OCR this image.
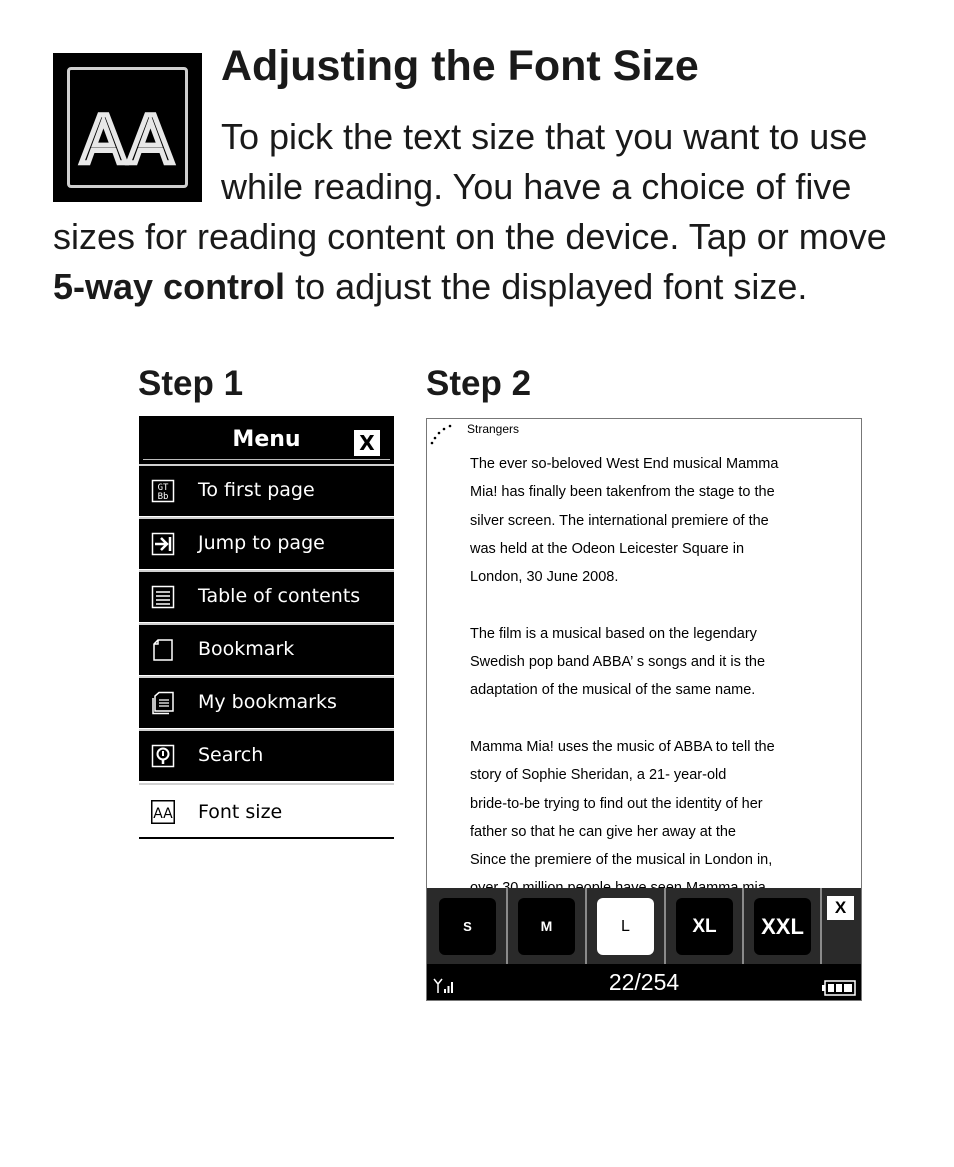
AA
Adjusting the Font Size
To pick the text size that you want to use
while reading. You have a choice of five
sizes for reading content on the device. Tap or move
5-way control to adjust the displayed font size.
Step 1	Step 2
Menu	X
GT
Bb To first page
Jump to page
Table of contents
Bookmark
My bookmarks
Search
AA Font size
Strangers
The ever so-beloved West End musical Mamma
Mia! has finally been takenfrom the stage to the
silver screen. The international premiere of the
was held at the Odeon Leicester Square in
London, 30 June 2008.
The film is a musical based on the legendary
Swedish pop band ABBA’ s songs and it is the
adaptation of the musical of the same name.
Mamma Mia! uses the music of ABBA to tell the
story of Sophie Sheridan, a 21- year-old
bride-to-be trying to find out the identity of her
father so that he can give her away at the
Since the premiere of the musical in London in,
S	M	L	XL	XXL
X
22/254
